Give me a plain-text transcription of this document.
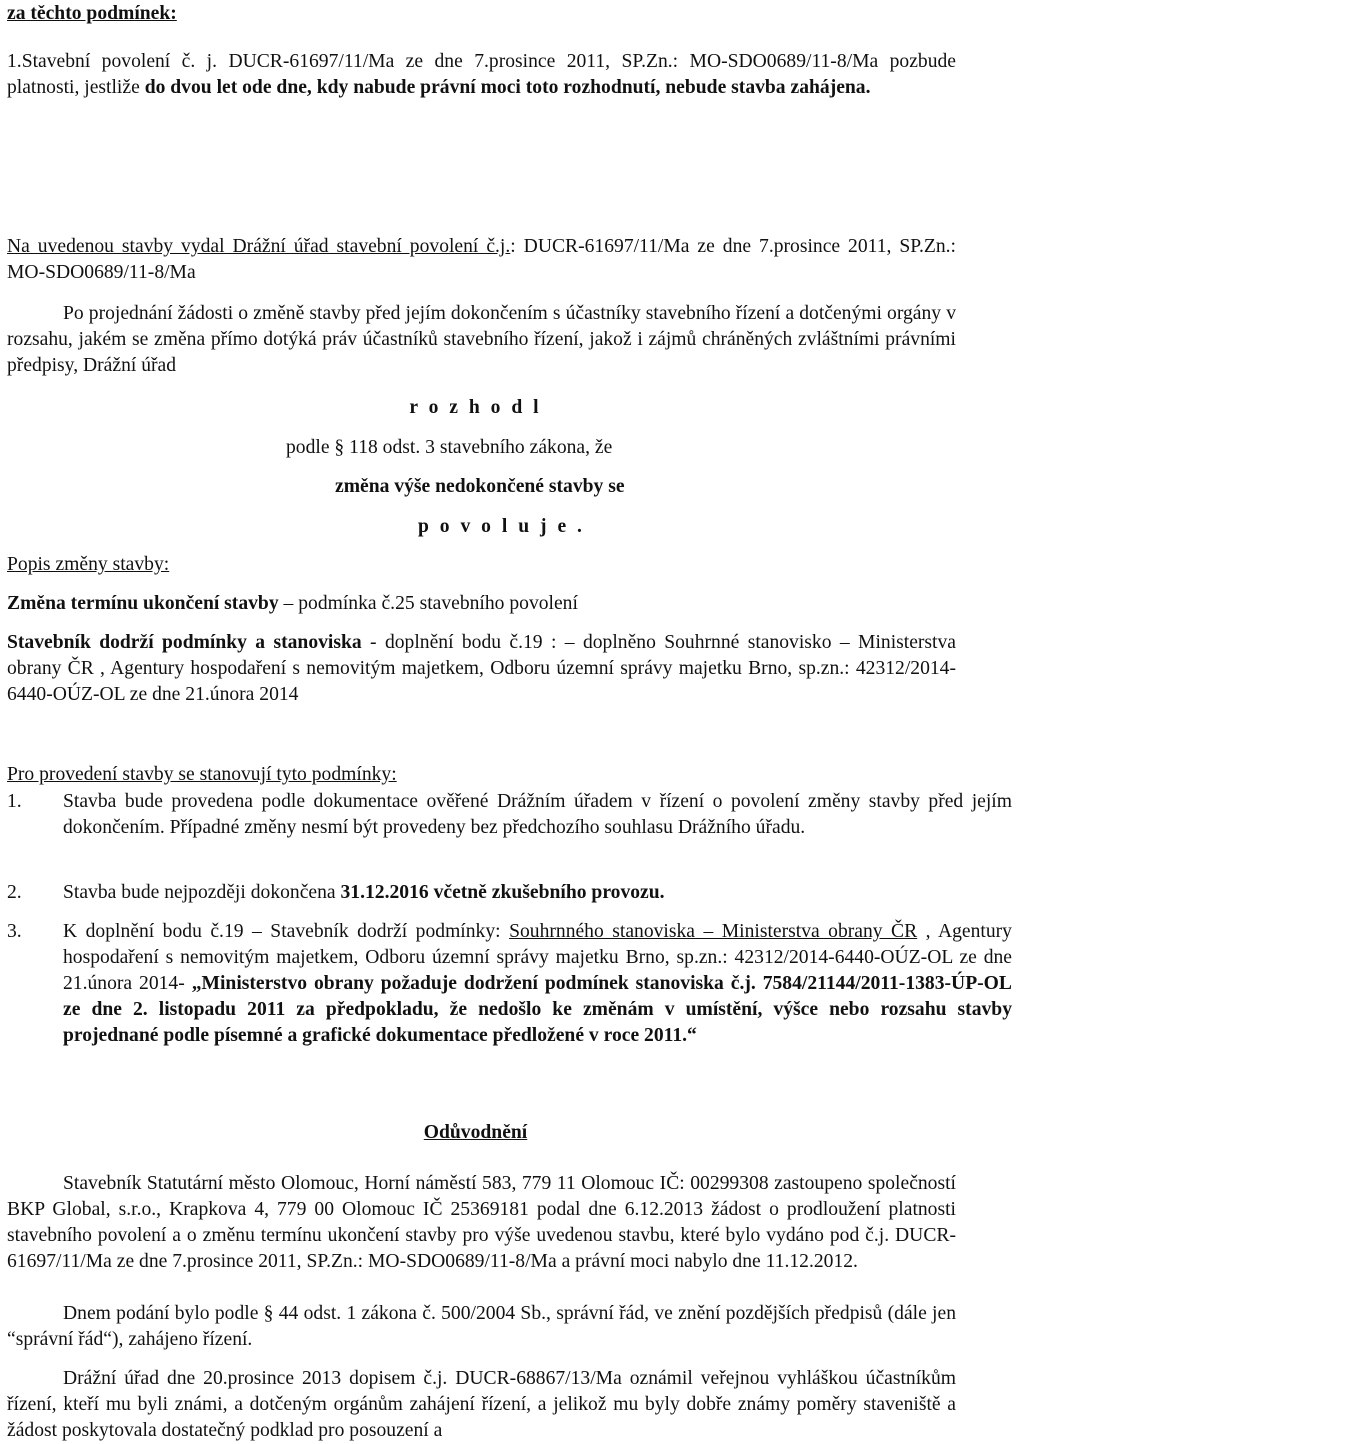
za těchto podmínek:

1.Stavební povolení č. j. DUCR-61697/11/Ma ze dne 7.prosince 2011, SP.Zn.: MO-SDO0689/11-8/Ma pozbude platnosti, jestliže do dvou let ode dne, kdy nabude právní moci toto rozhodnutí, nebude stavba zahájena.

Na uvedenou stavby vydal Drážní úřad stavební povolení č.j.: DUCR-61697/11/Ma ze dne 7.prosince 2011, SP.Zn.: MO-SDO0689/11-8/Ma

Po projednání žádosti o změně stavby před jejím dokončením s účastníky stavebního řízení a dotčenými orgány v rozsahu, jakém se změna přímo dotýká práv účastníků stavebního řízení, jakož i zájmů chráněných zvláštními právními předpisy, Drážní úřad

r o z h o d l
podle § 118 odst. 3 stavebního zákona, že
změna výše nedokončené stavby se
p o v o l u j e .
Popis změny stavby:
Změna termínu ukončení stavby – podmínka č.25 stavebního povolení

Stavebník dodrží podmínky a stanoviska - doplnění bodu č.19 : – doplněno Souhrnné stanovisko – Ministerstva obrany ČR , Agentury hospodaření s nemovitým majetkem, Odboru územní správy majetku Brno, sp.zn.: 42312/2014-6440-OÚZ-OL ze dne 21.února 2014

Pro provedení stavby se stanovují tyto podmínky:
1. Stavba bude provedena podle dokumentace ověřené Drážním úřadem v řízení o povolení změny stavby před jejím dokončením. Případné změny nesmí být provedeny bez předchozího souhlasu Drážního úřadu.

2. Stavba bude nejpozději dokončena 31.12.2016 včetně zkušebního provozu.

3. K doplnění bodu č.19 – Stavebník dodrží podmínky: Souhrnného stanoviska – Ministerstva obrany ČR , Agentury hospodaření s nemovitým majetkem, Odboru územní správy majetku Brno, sp.zn.: 42312/2014-6440-OÚZ-OL ze dne 21.února 2014- „Ministerstvo obrany požaduje dodržení podmínek stanoviska č.j. 7584/21144/2011-1383-ÚP-OL ze dne 2. listopadu 2011 za předpokladu, že nedošlo ke změnám v umístění, výšce nebo rozsahu stavby projednané podle písemné a grafické dokumentace předložené v roce 2011.“

Odůvodnění

Stavebník Statutární město Olomouc, Horní náměstí 583, 779 11 Olomouc IČ: 00299308 zastoupeno společností BKP Global, s.r.o., Krapkova 4, 779 00 Olomouc IČ 25369181 podal dne 6.12.2013 žádost o prodloužení platnosti stavebního povolení a o změnu termínu ukončení stavby pro výše uvedenou stavbu, které bylo vydáno pod č.j. DUCR-61697/11/Ma ze dne 7.prosince 2011, SP.Zn.: MO-SDO0689/11-8/Ma a právní moci nabylo dne 11.12.2012.

Dnem podání bylo podle § 44 odst. 1 zákona č. 500/2004 Sb., správní řád, ve znění pozdějších předpisů (dále jen “správní řád“), zahájeno řízení.

Drážní úřad dne 20.prosince 2013 dopisem č.j. DUCR-68867/13/Ma oznámil veřejnou vyhláškou účastníkům řízení, kteří mu byli známi, a dotčeným orgánům zahájení řízení, a jelikož mu byly dobře známy poměry staveniště a žádost poskytovala dostatečný podklad pro posouzení a
